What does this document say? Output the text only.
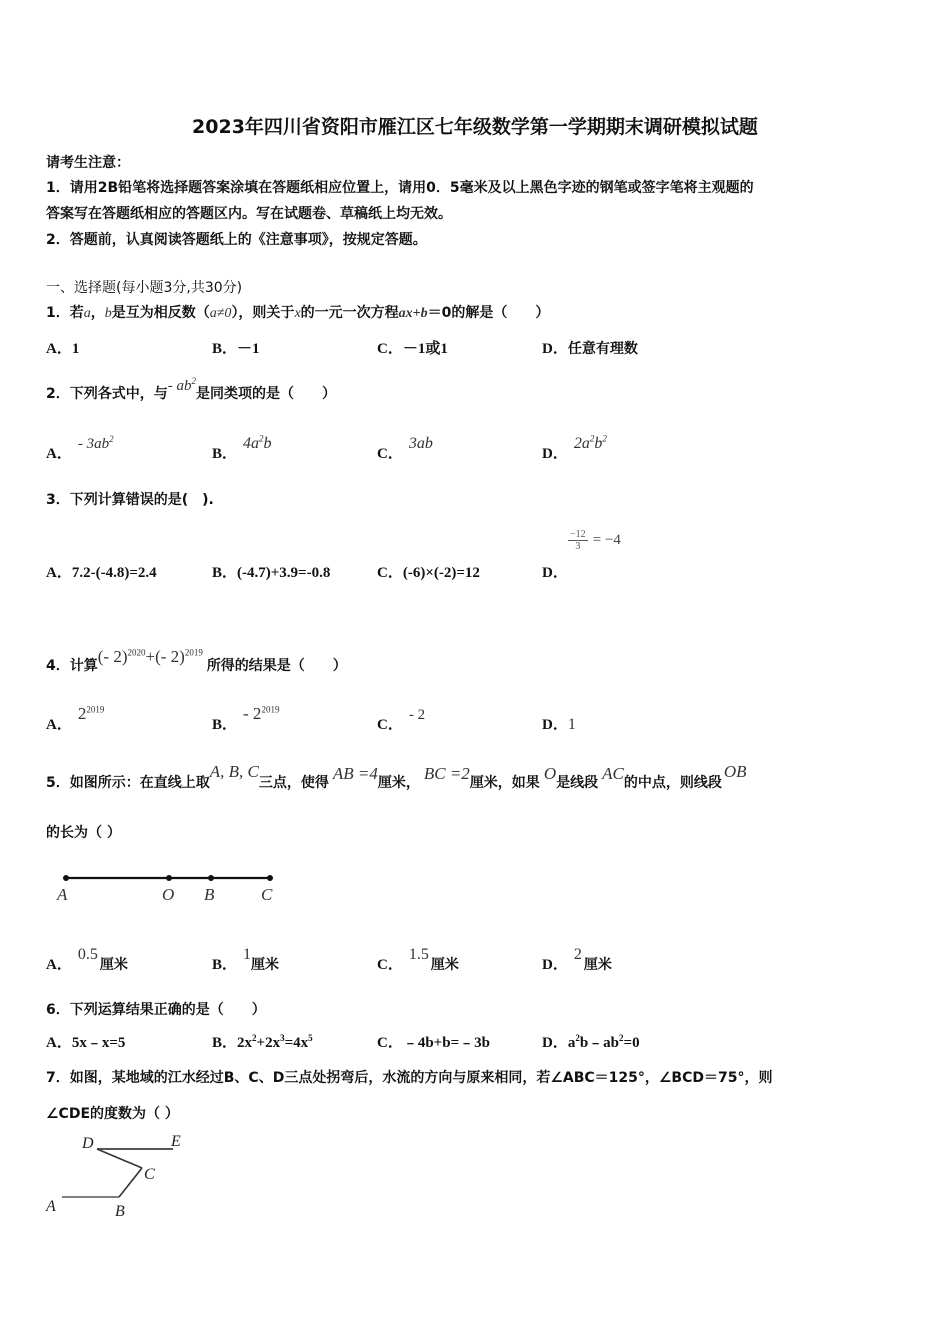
2023年四川省资阳市雁江区七年级数学第一学期期末调研模拟试题
请考生注意：
1．请用2B铅笔将选择题答案涂填在答题纸相应位置上，请用0．5毫米及以上黑色字迹的钢笔或签字笔将主观题的
答案写在答题纸相应的答题区内。写在试题卷、草稿纸上均无效。
2．答题前，认真阅读答题纸上的《注意事项》，按规定答题。
一、选择题(每小题3分,共30分)
1．若a，b是互为相反数（a≠0），则关于x的一元一次方程ax+b＝0的解是（　　）
A．1	B．－1	C．－1或1	D．任意有理数
2．下列各式中，与- $ab^2$是同类项的是（　　）
A．- $3ab^2$
B．$4a^2b$
C．3ab
D．$2a^2b^2$
3．下列计算错误的是(　).
A．7.2-(-4.8)=2.4	B．(-4.7)+3.9=-0.8	C．(-6)×(-2)=12	D．
$\frac{-12}{3} = -4$
4．计算(- 2)$^{2020}$+(- 2)$^{2019}$所得的结果是（　　）
A．$2^{2019}$
B．- $2^{2019}$
C．- 2
D．1
5．如图所示：在直线上取A, B, C三点，使得 AB =4厘米， BC =2厘米，如果 O是线段 AC的中点，则线段OB
的长为（ ）
A	O B	C
A．0.5厘米	B．1厘米	C．1.5厘米	D．2厘米
6．下列运算结果正确的是（　　）
A．5x﹣x=5	B．$2x^2+2x^3=4x^5$	C．﹣4b+b=﹣3b	D．$a^2b﹣ab^2=0$
7．如图，某地域的江水经过B、C、D三点处拐弯后，水流的方向与原来相同，若∠ABC＝125°，∠BCD＝75°，则
∠CDE的度数为（ ）
D	E
C
A	B
